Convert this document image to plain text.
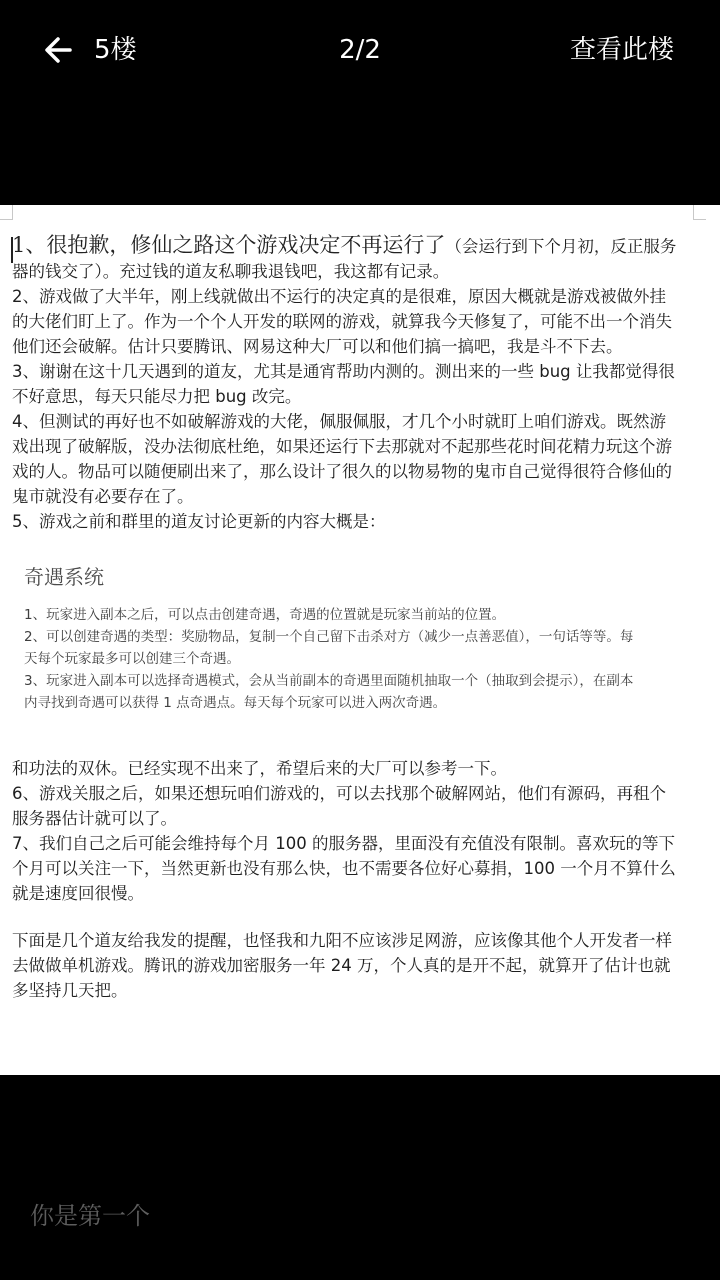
5楼	2/2	查看此楼

1、很抱歉，修仙之路这个游戏决定不再运行了（会运行到下个月初，反正服务器的钱交了）。充过钱的道友私聊我退钱吧，我这都有记录。

2、游戏做了大半年，刚上线就做出不运行的决定真的是很难，原因大概就是游戏被做外挂的大佬们盯上了。作为一个个人开发的联网的游戏，就算我今天修复了，可能不出一个消失他们还会破解。估计只要腾讯、网易这种大厂可以和他们搞一搞吧，我是斗不下去。

3、谢谢在这十几天遇到的道友，尤其是通宵帮助内测的。测出来的一些 bug 让我都觉得很不好意思，每天只能尽力把 bug 改完。

4、但测试的再好也不如破解游戏的大佬，佩服佩服，才几个小时就盯上咱们游戏。既然游戏出现了破解版，没办法彻底杜绝，如果还运行下去那就对不起那些花时间花精力玩这个游戏的人。物品可以随便刷出来了，那么设计了很久的以物易物的鬼市自己觉得很符合修仙的鬼市就没有必要存在了。

5、游戏之前和群里的道友讨论更新的内容大概是：

奇遇系统
1、玩家进入副本之后，可以点击创建奇遇，奇遇的位置就是玩家当前站的位置。
2、可以创建奇遇的类型：奖励物品，复制一个自己留下击杀对方（减少一点善恶值），一句话等等。每天每个玩家最多可以创建三个奇遇。
3、玩家进入副本可以选择奇遇模式，会从当前副本的奇遇里面随机抽取一个（抽取到会提示），在副本内寻找到奇遇可以获得 1 点奇遇点。每天每个玩家可以进入两次奇遇。

和功法的双休。已经实现不出来了，希望后来的大厂可以参考一下。

6、游戏关服之后，如果还想玩咱们游戏的，可以去找那个破解网站，他们有源码，再租个服务器估计就可以了。

7、我们自己之后可能会维持每个月 100 的服务器，里面没有充值没有限制。喜欢玩的等下个月可以关注一下，当然更新也没有那么快，也不需要各位好心募捐，100 一个月不算什么就是速度回很慢。

下面是几个道友给我发的提醒，也怪我和九阳不应该涉足网游，应该像其他个人开发者一样去做做单机游戏。腾讯的游戏加密服务一年 24 万，个人真的是开不起，就算开了估计也就多坚持几天把。

你是第一个
